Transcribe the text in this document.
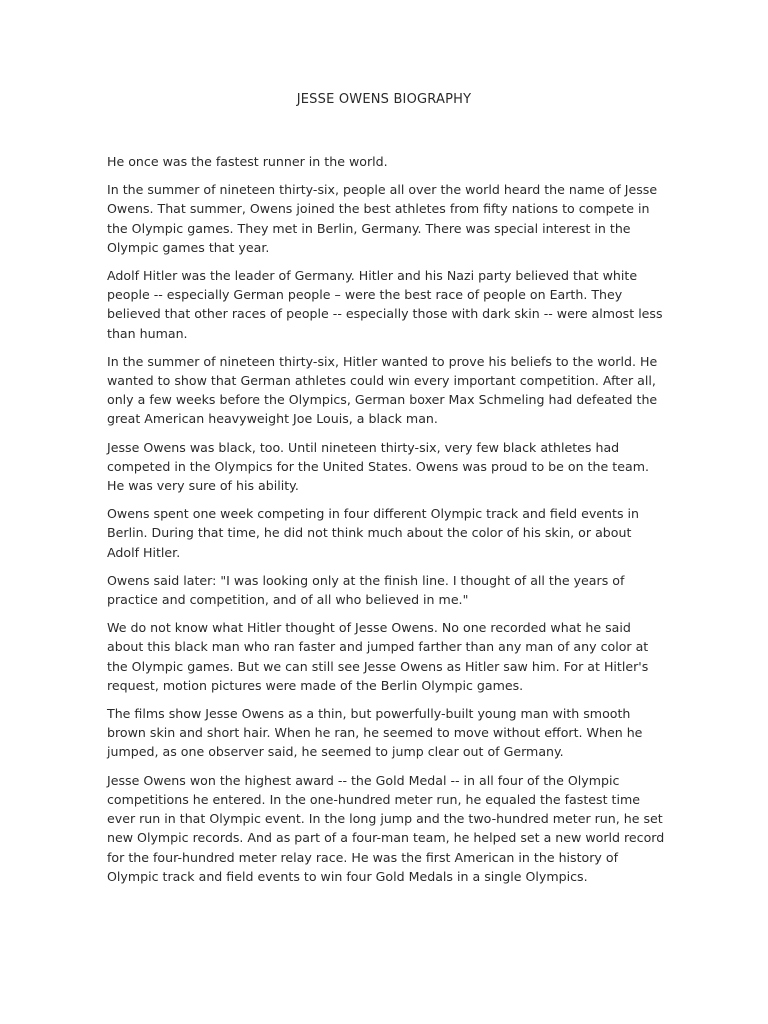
JESSE OWENS BIOGRAPHY

He once was the fastest runner in the world.

In the summer of nineteen thirty-six, people all over the world heard the name of Jesse Owens. That summer, Owens joined the best athletes from fifty nations to compete in the Olympic games. They met in Berlin, Germany. There was special interest in the Olympic games that year.

Adolf Hitler was the leader of Germany. Hitler and his Nazi party believed that white people -- especially German people – were the best race of people on Earth. They believed that other races of people -- especially those with dark skin -- were almost less than human.

In the summer of nineteen thirty-six, Hitler wanted to prove his beliefs to the world. He wanted to show that German athletes could win every important competition. After all, only a few weeks before the Olympics, German boxer Max Schmeling had defeated the great American heavyweight Joe Louis, a black man.

Jesse Owens was black, too. Until nineteen thirty-six, very few black athletes had competed in the Olympics for the United States. Owens was proud to be on the team. He was very sure of his ability.

Owens spent one week competing in four different Olympic track and field events in Berlin. During that time, he did not think much about the color of his skin, or about Adolf Hitler.

Owens said later: "I was looking only at the finish line. I thought of all the years of practice and competition, and of all who believed in me."

We do not know what Hitler thought of Jesse Owens. No one recorded what he said about this black man who ran faster and jumped farther than any man of any color at the Olympic games. But we can still see Jesse Owens as Hitler saw him. For at Hitler's request, motion pictures were made of the Berlin Olympic games.

The films show Jesse Owens as a thin, but powerfully-built young man with smooth brown skin and short hair. When he ran, he seemed to move without effort. When he jumped, as one observer said, he seemed to jump clear out of Germany.

Jesse Owens won the highest award -- the Gold Medal -- in all four of the Olympic competitions he entered. In the one-hundred meter run, he equaled the fastest time ever run in that Olympic event. In the long jump and the two-hundred meter run, he set new Olympic records. And as part of a four-man team, he helped set a new world record for the four-hundred meter relay race. He was the first American in the history of Olympic track and field events to win four Gold Medals in a single Olympics.
